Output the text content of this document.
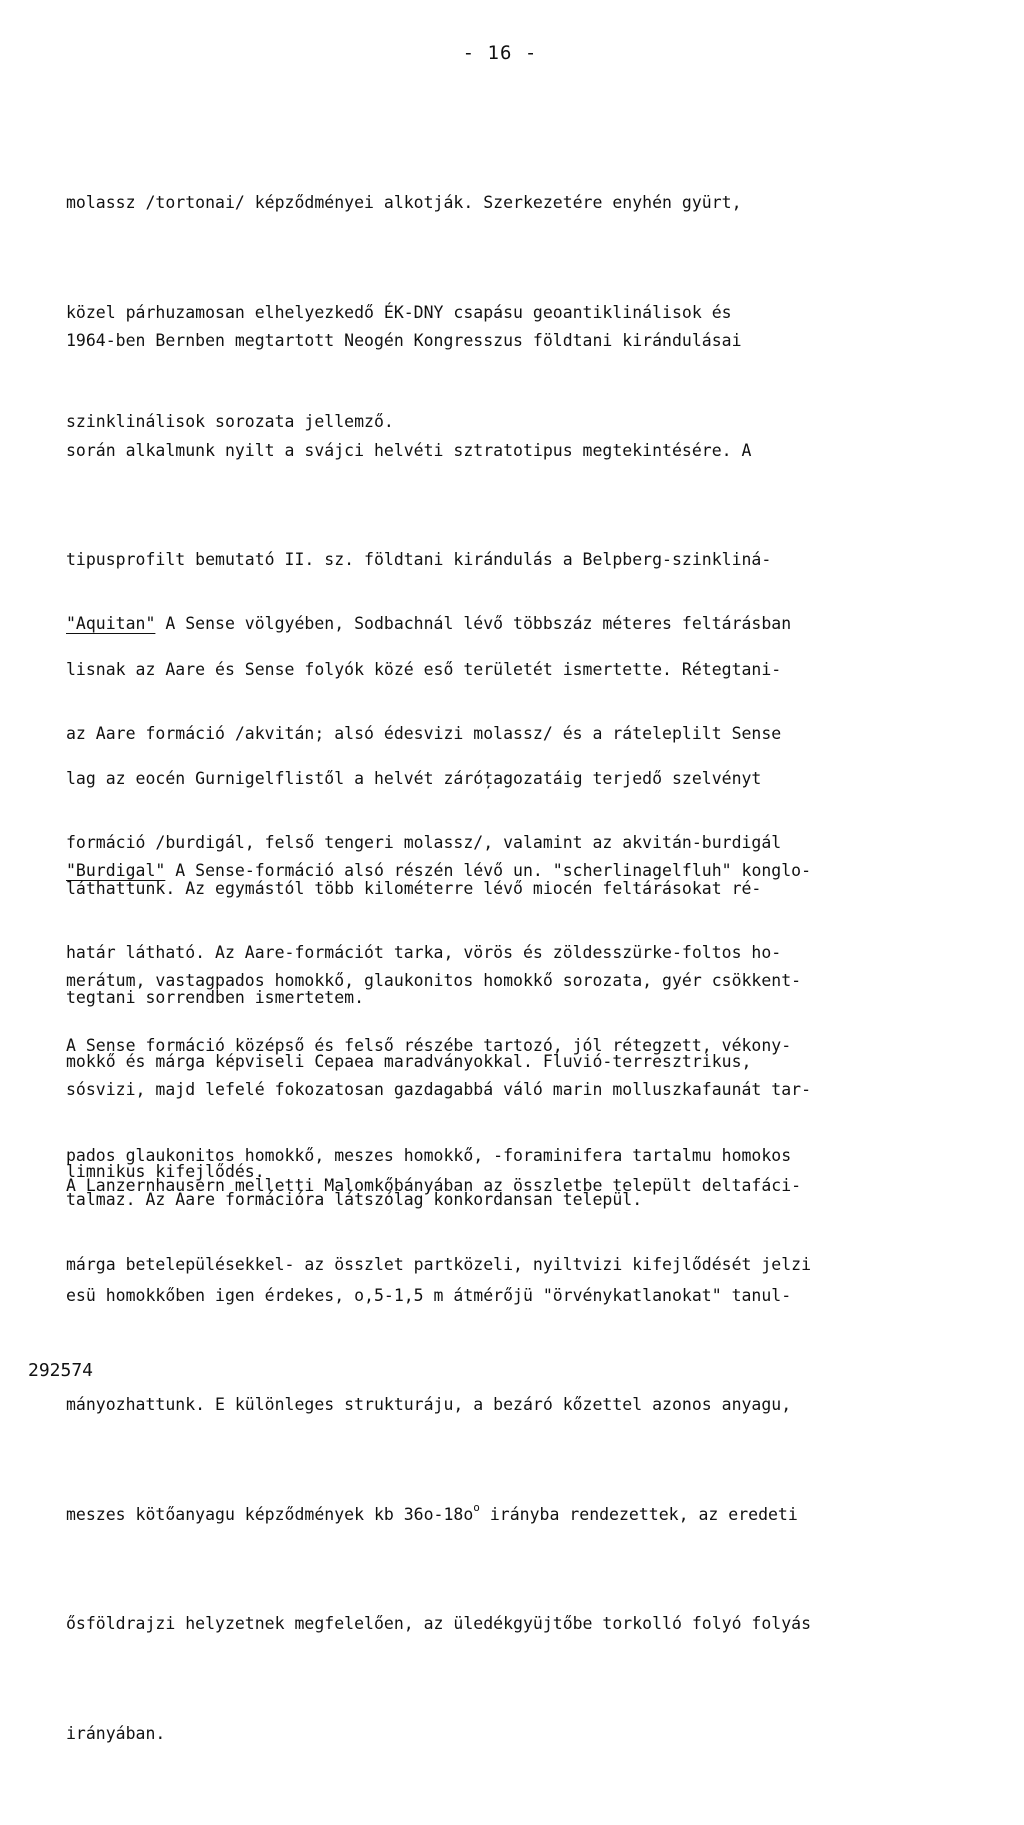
- 16 -

molassz /tortonai/ képződményei alkotják. Szerkezetére enyhén gyürt,

közel párhuzamosan elhelyezkedő ÉK-DNY csapásu geoantiklinálisok és

szinklinálisok sorozata jellemző.

1964-ben Bernben megtartott Neogén Kongresszus földtani kirándulásai

során alkalmunk nyilt a svájci helvéti sztratotipus megtekintésére. A

tipusprofilt bemutató II. sz. földtani kirándulás a Belpberg-szinkliná-

lisnak az Aare és Sense folyók közé eső területét ismertette. Rétegtani-

lag az eocén Gurnigelflistől a helvét záróțagozatáig terjedő szelvényt

láthattunk. Az egymástól több kilométerre lévő miocén feltárásokat ré-

tegtani sorrendben ismertetem.

"Aquitan" A Sense völgyében, Sodbachnál lévő többszáz méteres feltárásban

az Aare formáció /akvitán; alsó édesvizi molassz/ és a ráteleplilt Sense

formáció /burdigál, felső tengeri molassz/, valamint az akvitán-burdigál

határ látható. Az Aare-formációt tarka, vörös és zöldesszürke-foltos ho-

mokkő és márga képviseli Cepaea maradványokkal. Fluvió-terresztrikus,

limnikus kifejlődés.

"Burdigal" A Sense-formáció alsó részén lévő un. "scherlinagelfluh" konglo-

merátum, vastagpados homokkő, glaukonitos homokkő sorozata, gyér csökkent-

sósvizi, majd lefelé fokozatosan gazdagabbá váló marin molluszkafaunát tar-

talmaz. Az Aare formációra látszólag konkordansan települ.

A Sense formáció középső és felső részébe tartozó, jól rétegzett, vékony-

pados glaukonitos homokkő, meszes homokkő, -foraminifera tartalmu homokos

márga betelepülésekkel- az összlet partközeli, nyiltvizi kifejlődését jelzi

A Lanzernhausern melletti Malomkőbányában az összletbe települt deltafáci-

esü homokkőben igen érdekes, o,5-1,5 m átmérőjü "örvénykatlanokat" tanul-

mányozhattunk. E különleges strukturáju, a bezáró kőzettel azonos anyagu,

meszes kötőanyagu képződmények kb $36o-18o^o$ irányba rendezettek, az eredeti

ősföldrajzi helyzetnek megfelelően, az üledékgyüjtőbe torkolló folyó folyás

irányában.

292574
